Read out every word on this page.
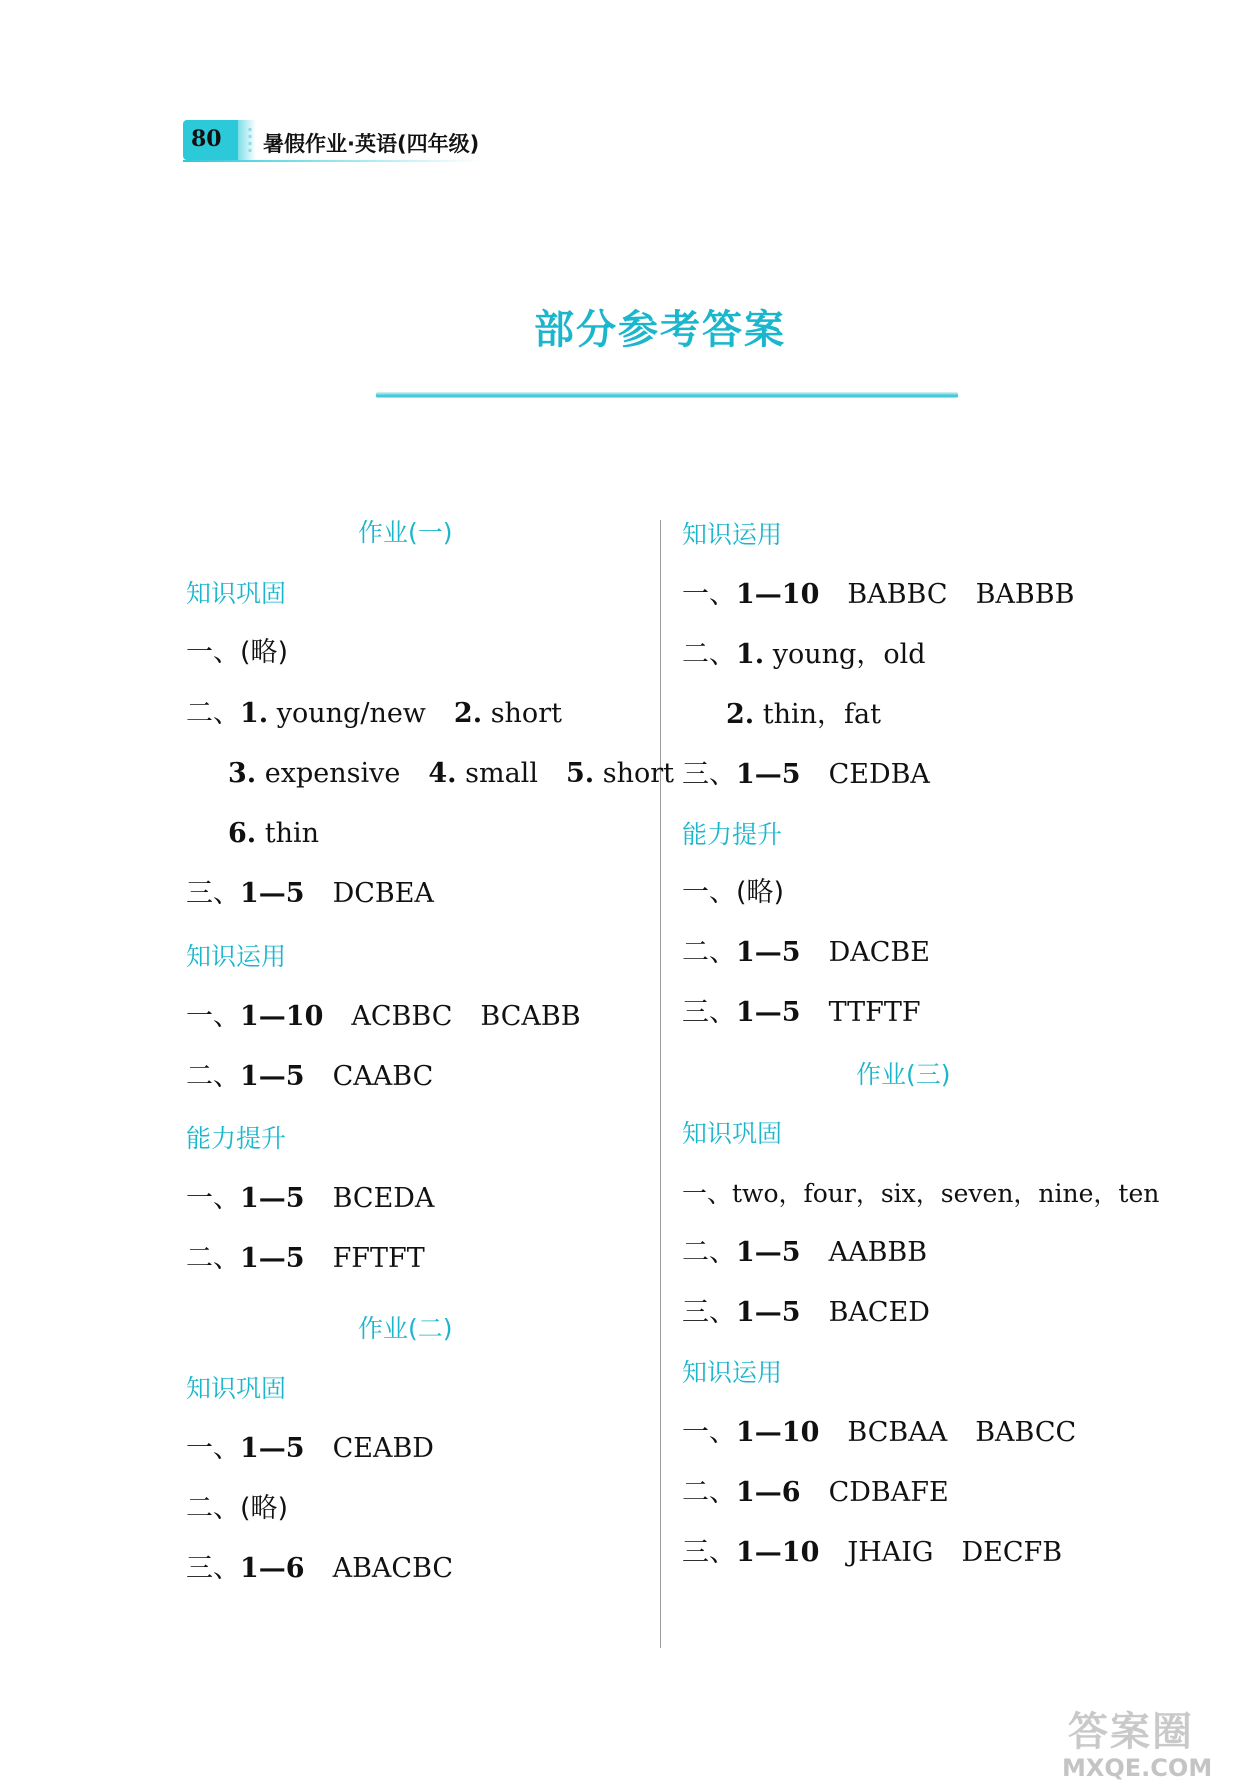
80 暑假作业·英语(四年级)
部分参考答案
作业(一)
知识巩固
一、(略)
二、1. young/new 2. short
3. expensive 4. small 5. short
6. thin
三、1—5 DCBEA
知识运用
一、1—10 ACBBC BCABB
二、1—5 CAABC
能力提升
一、1—5 BCEDA
二、1—5 FFTFT
作业(二)
知识巩固
一、1—5 CEABD
二、(略)
三、1—6 ABACBC
知识运用
一、1—10 BABBC BABBB
二、1. young，old
2. thin，fat
三、1—5 CEDBA
能力提升
一、(略)
二、1—5 DACBE
三、1—5 TTFTF
作业(三)
知识巩固
一、two，four，six，seven，nine，ten
二、1—5 AABBB
三、1—5 BACED
知识运用
一、1—10 BCBAA BABCC
二、1—6 CDBAFE
三、1—10 JHAIG DECFB
答案圈
MXQE.COM
